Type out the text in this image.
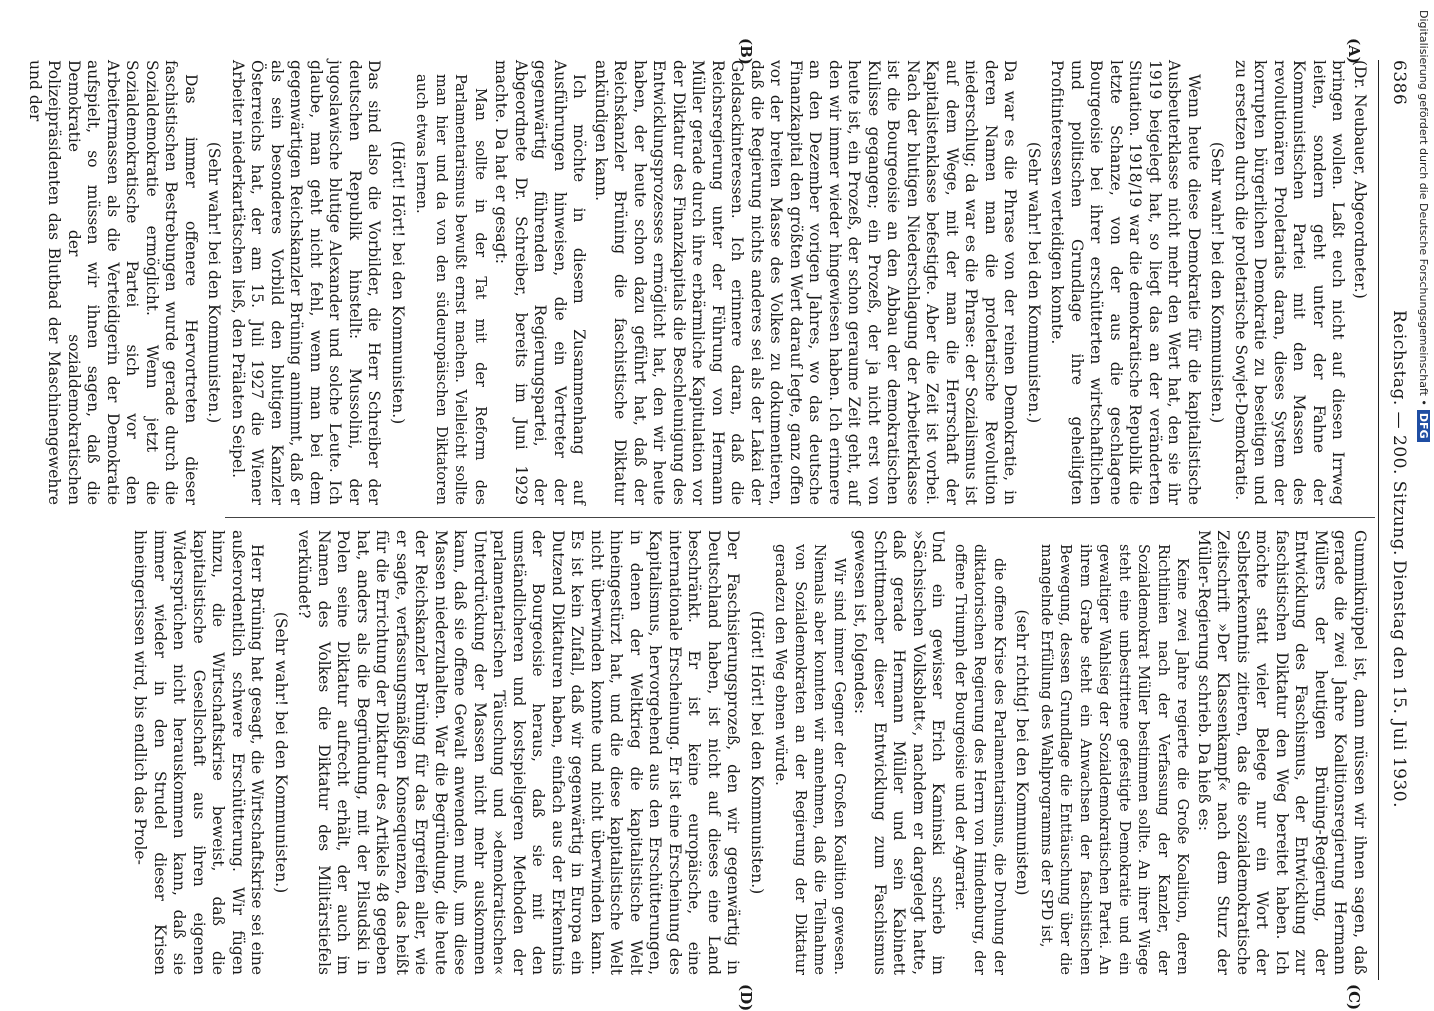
6386
Reichstag. — 200. Sitzung.
Dienstag den 15. Juli 1930.

(Dr. Neubauer, Abgeordneter.)

bringen wollen. Laßt euch nicht auf diesen Irrweg leiten, sondern geht unter der Fahne der Kommunistischen Partei mit den Massen des revolutionären Proletariats daran, dieses System der korrupten bürgerlichen Demokratie zu beseitigen und zu ersetzen durch die proletarische Sowjet-Demokratie.

(Sehr wahr! bei den Kommunisten.)

Wenn heute diese Demokratie für die kapitalistische Ausbeuterklasse nicht mehr den Wert hat, den sie ihr 1919 beigelegt hat, so liegt das an der veränderten Situation. 1918/19 war die demokratische Republik die letzte Schanze, von der aus die geschlagene Bourgeoisie bei ihrer erschütterten wirtschaftlichen und politischen Grundlage ihre geheiligten Profitinteressen verteidigen konnte.

(Sehr wahr! bei den Kommunisten.)

Da war es die Phrase von der reinen Demokratie, in deren Namen man die proletarische Revolution niederschlug; da war es die Phrase: der Sozialismus ist auf dem Wege, mit der man die Herrschaft der Kapitalistenklasse befestigte. Aber die Zeit ist vorbei. Nach der blutigen Niederschlagung der Arbeiterklasse ist die Bourgeoisie an den Abbau der demokratischen Kulisse gegangen; ein Prozeß, der ja nicht erst von heute ist, ein Prozeß, der schon geraume Zeit geht, auf den wir immer wieder hingewiesen haben. Ich erinnere an den Dezember vorigen Jahres, wo das deutsche Finanzkapital den größten Wert darauf legte, ganz offen vor der breiten Masse des Volkes zu dokumentieren, daß die Regierung nichts anderes sei als der Lakai der Geldsackinteressen. Ich erinnere daran, daß die Reichsregierung unter der Führung von Hermann Müller gerade durch ihre erbärmliche Kapitulation vor der Diktatur des Finanzkapitals die Beschleunigung des Entwicklungsprozesses ermöglicht hat, den wir heute haben, der heute schon dazu geführt hat, daß der Reichskanzler Brüning die faschistische Diktatur ankündigen kann.

Ich möchte in diesem Zusammenhang auf Ausführungen hinweisen, die ein Vertreter der gegenwärtig führenden Regierungspartei, der Abgeordnete Dr. Schreiber, bereits im Juni 1929 machte. Da hat er gesagt:

Man sollte in der Tat mit der Reform des Parlamentarismus bewußt ernst machen. Vielleicht sollte man hier und da von den südeuropäischen Diktatoren auch etwas lernen.

(Hört! Hört! bei den Kommunisten.)

Das sind also die Vorbilder, die Herr Schreiber der deutschen Republik hinstellt: Mussolini, der jugoslawische blutige Alexander und solche Leute. Ich glaube, man geht nicht fehl, wenn man bei dem gegenwärtigen Reichskanzler Brüning annimmt, daß er als sein besonderes Vorbild den blutigen Kanzler Österreichs hat, der am 15. Juli 1927 die Wiener Arbeiter niederkartätschen ließ, den Prälaten Seipel.

(Sehr wahr! bei den Kommunisten.)

Das immer offenere Hervortreten dieser faschistischen Bestrebungen wurde gerade durch die Sozialdemokratie ermöglicht. Wenn jetzt die Sozialdemokratische Partei sich vor den Arbeitermassen als die Verteidigerin der Demokratie aufspielt, so müssen wir ihnen sagen, daß die Demokratie der sozialdemokratischen Polizeipräsidenten das Blutbad der Maschinengewehre und der

Gummiknüppel ist, dann müssen wir ihnen sagen, daß gerade die zwei Jahre Koalitionsregierung Hermann Müllers der heutigen Brüning-Regierung, der Entwicklung des Faschismus, der Entwicklung zur faschistischen Diktatur den Weg bereitet haben. Ich möchte statt vieler Belege nur ein Wort der Selbsterkenntnis zitieren, das die sozialdemokratische Zeitschrift »Der Klassenkampf« nach dem Sturz der Müller-Regierung schrieb. Da hieß es:

Keine zwei Jahre regierte die Große Koalition, deren Richtlinien nach der Verfassung der Kanzler, der Sozialdemokrat Müller bestimmen sollte. An ihrer Wiege steht eine unbestrittene gefestigte Demokratie und ein gewaltiger Wahlsieg der Sozialdemokratischen Partei. An ihrem Grabe steht ein Anwachsen der faschistischen Bewegung, dessen Grundlage die Enttäuschung über die mangelnde Erfüllung des Wahlprogramms der SPD ist,

(sehr richtig! bei den Kommunisten)

die offene Krise des Parlamentarismus, die Drohung der diktatorischen Regierung des Herrn von Hindenburg, der offene Triumph der Bourgeoisie und der Agrarier.

Und ein gewisser Erich Kaminski schrieb im »Sächsischen Volksblatt«, nachdem er dargelegt hatte, daß gerade Hermann Müller und sein Kabinett Schrittmacher dieser Entwicklung zum Faschismus gewesen ist, folgendes:

Wir sind immer Gegner der Großen Koalition gewesen. Niemals aber konnten wir annehmen, daß die Teilnahme von Sozialdemokraten an der Regierung der Diktatur geradezu den Weg ebnen würde.

(Hört! Hört! bei den Kommunisten.)

Der Faschisierungsprozeß, den wir gegenwärtig in Deutschland haben, ist nicht auf dieses eine Land beschränkt. Er ist keine europäische, eine internationale Erscheinung. Er ist eine Erscheinung des Kapitalismus, hervorgehend aus den Erschütterungen, in denen der Weltkrieg die kapitalistische Welt hineingestürzt hat, und die diese kapitalistische Welt nicht überwinden konnte und nicht überwinden kann. Es ist kein Zufall, daß wir gegenwärtig in Europa ein Dutzend Diktaturen haben, einfach aus der Erkenntnis der Bourgeoisie heraus, daß sie mit den umständlicheren und kostspieligeren Methoden der parlamentarischen Täuschung und »demokratischen« Unterdrückung der Massen nicht mehr auskommen kann, daß sie offene Gewalt anwenden muß, um diese Massen niederzuhalten. War die Begründung, die heute der Reichskanzler Brüning für das Ergreifen aller, wie er sagte, verfassungsmäßigen Konsequenzen, das heißt für die Errichtung der Diktatur des Artikels 48 gegeben hat, anders als die Begründung, mit der Pilsudski in Polen seine Diktatur aufrecht erhält, der auch im Namen des Volkes die Diktatur des Militärstiefels verkündet?

(Sehr wahr! bei den Kommunisten.)

Herr Brüning hat gesagt, die Wirtschaftskrise sei eine außerordentlich schwere Erschütterung. Wir fügen hinzu, die Wirtschaftskrise beweist, daß die kapitalistische Gesellschaft aus ihren eigenen Widersprüchen nicht herauskommen kann, daß sie immer wieder in den Strudel dieser Krisen hineingerissen wird, bis endlich das Prole-

(A)
(B)
(C)
(D)
Digitalisierung gefördert durch die Deutsche Forschungsgemeinschaft •DFG
